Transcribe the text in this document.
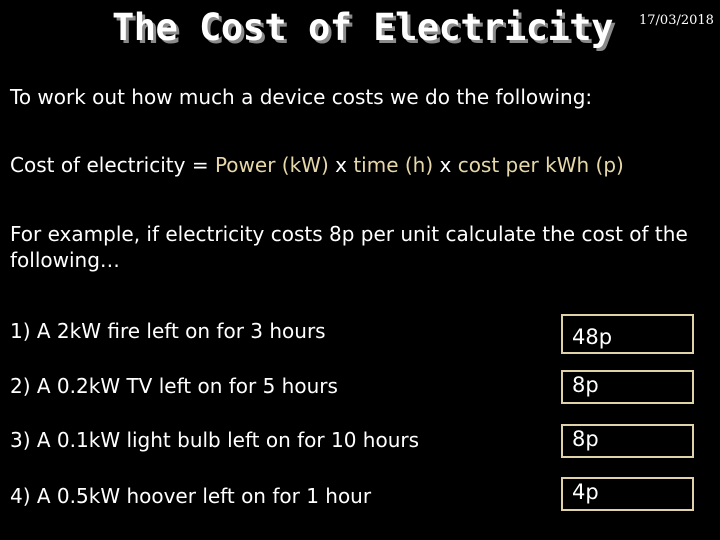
The Cost of Electricity 17/03/2018
To work out how much a device costs we do the following:
Cost of electricity = Power (kW) x time (h) x cost per kWh (p)
For example, if electricity costs 8p per unit calculate the cost of the following…
1) A 2kW fire left on for 3 hours	48p
2) A 0.2kW TV left on for 5 hours	8p
3) A 0.1kW light bulb left on for 10 hours	8p
4) A 0.5kW hoover left on for 1 hour	4p
